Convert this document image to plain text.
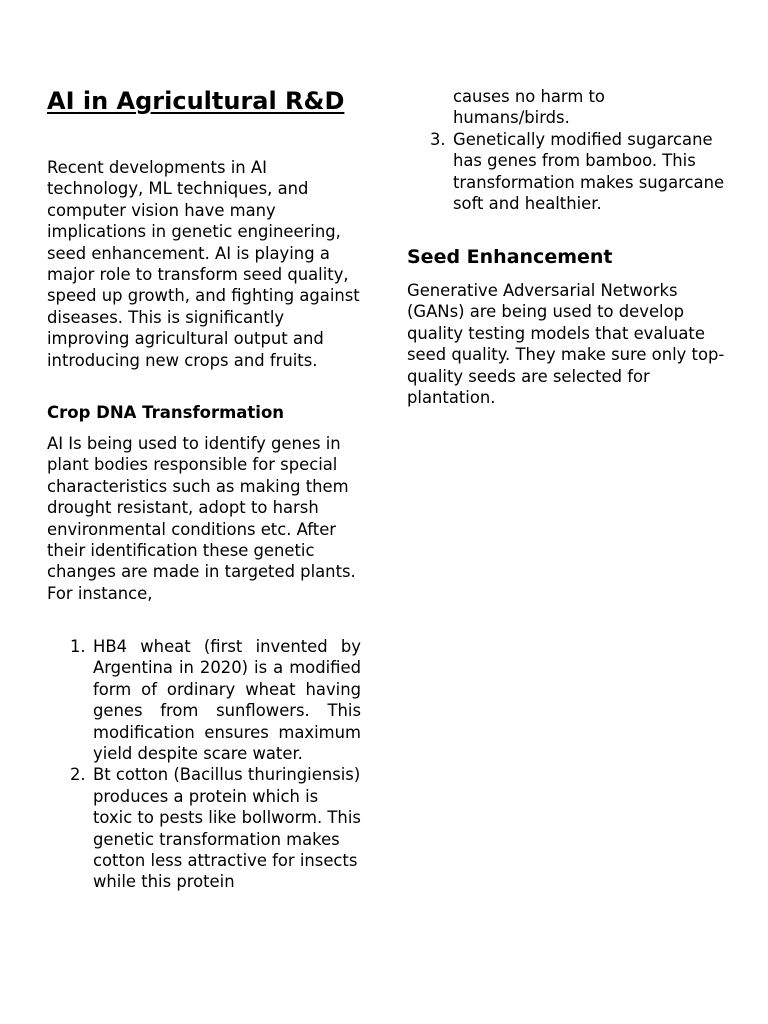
AI in Agricultural R&D

Recent developments in AI technology, ML techniques, and computer vision have many implications in genetic engineering, seed enhancement. AI is playing a major role to transform seed quality, speed up growth, and fighting against diseases. This is significantly improving agricultural output and introducing new crops and fruits.

Crop DNA Transformation

AI Is being used to identify genes in plant bodies responsible for special characteristics such as making them drought resistant, adopt to harsh environmental conditions etc. After their identification these genetic changes are made in targeted plants. For instance,

1. HB4 wheat (first invented by Argentina in 2020) is a modified form of ordinary wheat having genes from sunflowers. This modification ensures maximum yield despite scare water.
2. Bt cotton (Bacillus thuringiensis) produces a protein which is toxic to pests like bollworm. This genetic transformation makes cotton less attractive for insects while this protein

causes no harm to humans/birds.

3. Genetically modified sugarcane has genes from bamboo. This transformation makes sugarcane soft and healthier.
Seed Enhancement

Generative Adversarial Networks (GANs) are being used to develop quality testing models that evaluate seed quality. They make sure only top-quality seeds are selected for plantation.
